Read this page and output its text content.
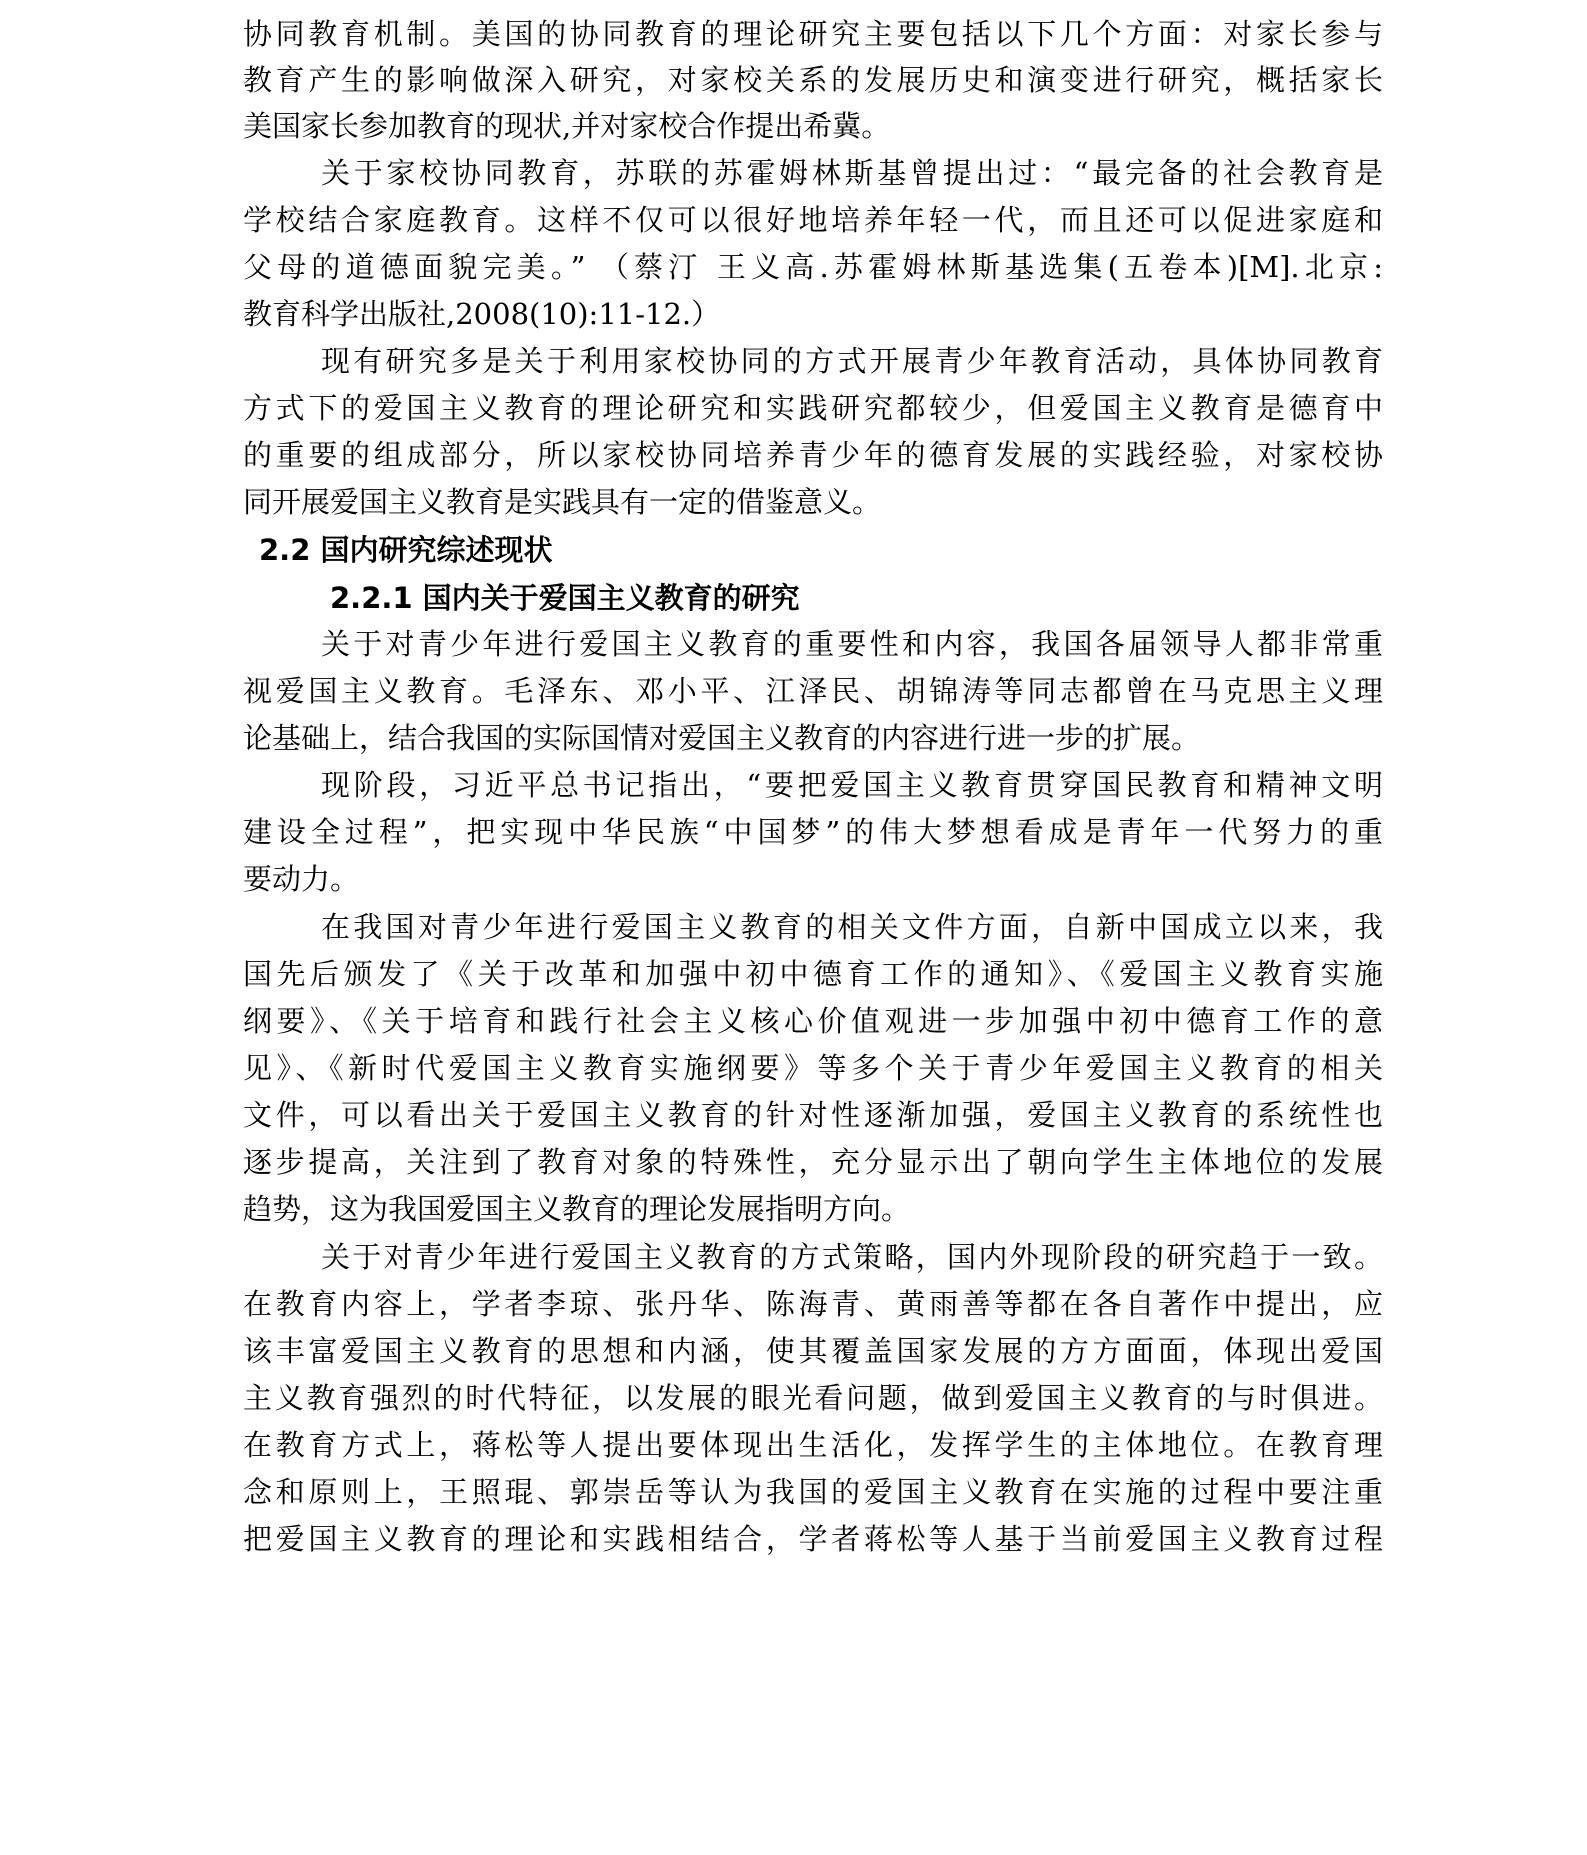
协同教育机制。美国的协同教育的理论研究主要包括以下几个方面：对家长参与
教育产生的影响做深入研究，对家校关系的发展历史和演变进行研究，概括家长
美国家长参加教育的现状,并对家校合作提出希冀。
关于家校协同教育，苏联的苏霍姆林斯基曾提出过：“最完备的社会教育是
学校结合家庭教育。这样不仅可以很好地培养年轻一代，而且还可以促进家庭和
父母的道德面貌完美。” （蔡汀 王义高.苏霍姆林斯基选集(五卷本)[M].北京:
教育科学出版社,2008(10):11-12.）
现有研究多是关于利用家校协同的方式开展青少年教育活动，具体协同教育
方式下的爱国主义教育的理论研究和实践研究都较少，但爱国主义教育是德育中
的重要的组成部分，所以家校协同培养青少年的德育发展的实践经验，对家校协
同开展爱国主义教育是实践具有一定的借鉴意义。
2.2 国内研究综述现状
2.2.1 国内关于爱国主义教育的研究
关于对青少年进行爱国主义教育的重要性和内容，我国各届领导人都非常重
视爱国主义教育。毛泽东、邓小平、江泽民、胡锦涛等同志都曾在马克思主义理
论基础上，结合我国的实际国情对爱国主义教育的内容进行进一步的扩展。
现阶段，习近平总书记指出，“要把爱国主义教育贯穿国民教育和精神文明
建设全过程”，把实现中华民族“中国梦”的伟大梦想看成是青年一代努力的重
要动力。
在我国对青少年进行爱国主义教育的相关文件方面，自新中国成立以来，我
国先后颁发了《关于改革和加强中初中德育工作的通知》、《爱国主义教育实施
纲要》、《关于培育和践行社会主义核心价值观进一步加强中初中德育工作的意
见》、《新时代爱国主义教育实施纲要》等多个关于青少年爱国主义教育的相关
文件，可以看出关于爱国主义教育的针对性逐渐加强，爱国主义教育的系统性也
逐步提高，关注到了教育对象的特殊性，充分显示出了朝向学生主体地位的发展
趋势，这为我国爱国主义教育的理论发展指明方向。
关于对青少年进行爱国主义教育的方式策略，国内外现阶段的研究趋于一致。
在教育内容上，学者李琼、张丹华、陈海青、黄雨善等都在各自著作中提出，应
该丰富爱国主义教育的思想和内涵，使其覆盖国家发展的方方面面，体现出爱国
主义教育强烈的时代特征，以发展的眼光看问题，做到爱国主义教育的与时俱进。
在教育方式上，蒋松等人提出要体现出生活化，发挥学生的主体地位。在教育理
念和原则上，王照琨、郭崇岳等认为我国的爱国主义教育在实施的过程中要注重
把爱国主义教育的理论和实践相结合，学者蒋松等人基于当前爱国主义教育过程
